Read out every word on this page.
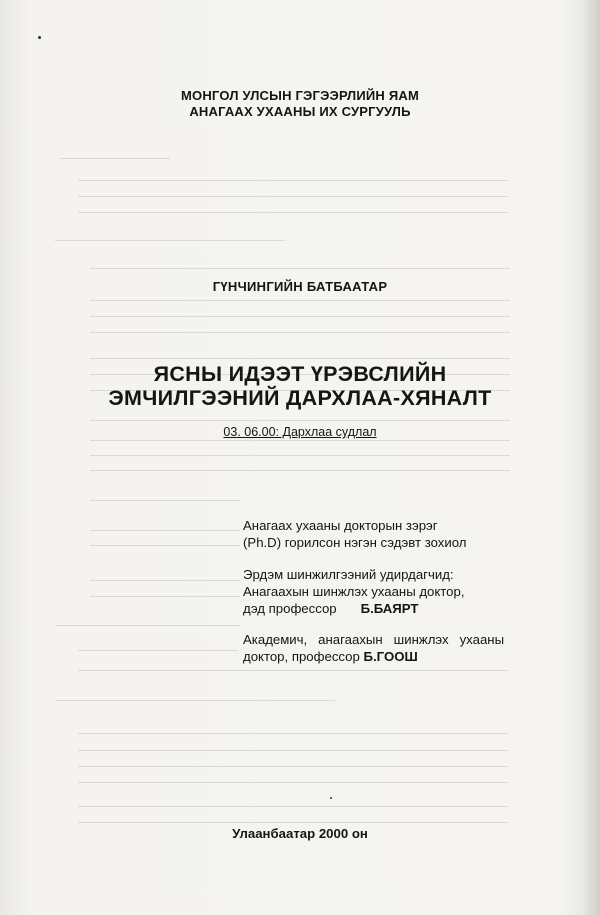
МОНГОЛ УЛСЫН ГЭГЭЭРЛИЙН ЯАМ
АНАГААХ УХААНЫ ИХ СУРГУУЛЬ
ГҮНЧИНГИЙН БАТБААТАР
ЯСНЫ ИДЭЭТ ҮРЭВСЛИЙН
ЭМЧИЛГЭЭНИЙ ДАРХЛАА-ХЯНАЛТ
03. 06.00: Дархлаа судлал
Анагаах ухааны докторын зэрэг
(Ph.D) горилсон нэгэн сэдэвт зохиол
Эрдэм шинжилгээний удирдагчид:
Анагаахын шинжлэх ухааны доктор,
дэд профессор Б.БАЯРТ
Академич,   анагаахын   шинжлэх   ухааны
доктор, профессор Б.ГООШ
Улаанбаатар 2000 он
